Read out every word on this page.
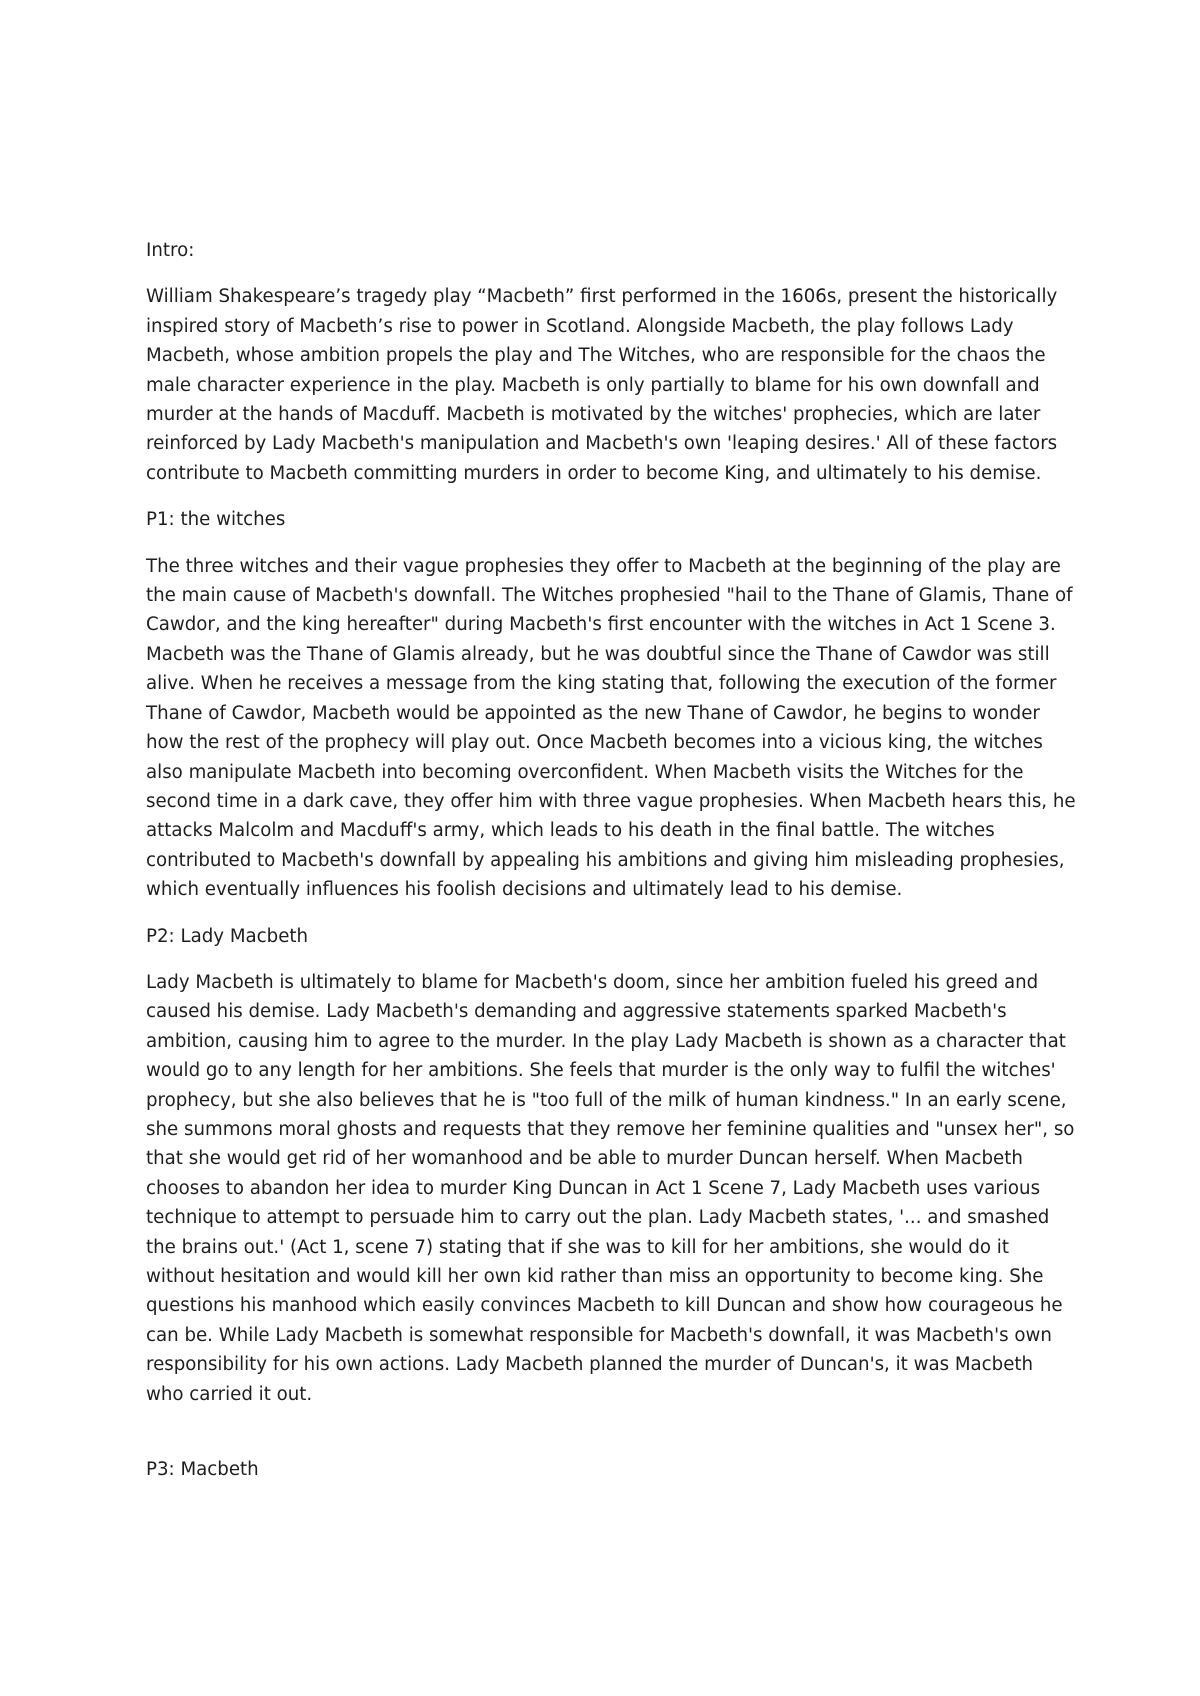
Intro:

William Shakespeare’s tragedy play “Macbeth” first performed in the 1606s, present the historically inspired story of Macbeth’s rise to power in Scotland. Alongside Macbeth, the play follows Lady Macbeth, whose ambition propels the play and The Witches, who are responsible for the chaos the male character experience in the play. Macbeth is only partially to blame for his own downfall and murder at the hands of Macduff. Macbeth is motivated by the witches' prophecies, which are later reinforced by Lady Macbeth's manipulation and Macbeth's own 'leaping desires.' All of these factors contribute to Macbeth committing murders in order to become King, and ultimately to his demise.

P1: the witches

The three witches and their vague prophesies they offer to Macbeth at the beginning of the play are the main cause of Macbeth's downfall. The Witches prophesied "hail to the Thane of Glamis, Thane of Cawdor, and the king hereafter" during Macbeth's first encounter with the witches in Act 1 Scene 3. Macbeth was the Thane of Glamis already, but he was doubtful since the Thane of Cawdor was still alive. When he receives a message from the king stating that, following the execution of the former Thane of Cawdor, Macbeth would be appointed as the new Thane of Cawdor, he begins to wonder how the rest of the prophecy will play out. Once Macbeth becomes into a vicious king, the witches also manipulate Macbeth into becoming overconfident. When Macbeth visits the Witches for the second time in a dark cave, they offer him with three vague prophesies. When Macbeth hears this, he attacks Malcolm and Macduff's army, which leads to his death in the final battle. The witches contributed to Macbeth's downfall by appealing his ambitions and giving him misleading prophesies, which eventually influences his foolish decisions and ultimately lead to his demise.

P2: Lady Macbeth

Lady Macbeth is ultimately to blame for Macbeth's doom, since her ambition fueled his greed and caused his demise. Lady Macbeth's demanding and aggressive statements sparked Macbeth's ambition, causing him to agree to the murder. In the play Lady Macbeth is shown as a character that would go to any length for her ambitions. She feels that murder is the only way to fulfil the witches' prophecy, but she also believes that he is "too full of the milk of human kindness." In an early scene, she summons moral ghosts and requests that they remove her feminine qualities and "unsex her", so that she would get rid of her womanhood and be able to murder Duncan herself. When Macbeth chooses to abandon her idea to murder King Duncan in Act 1 Scene 7, Lady Macbeth uses various technique to attempt to persuade him to carry out the plan. Lady Macbeth states, '... and smashed the brains out.' (Act 1, scene 7) stating that if she was to kill for her ambitions, she would do it without hesitation and would kill her own kid rather than miss an opportunity to become king. She questions his manhood which easily convinces Macbeth to kill Duncan and show how courageous he can be. While Lady Macbeth is somewhat responsible for Macbeth's downfall, it was Macbeth's own responsibility for his own actions. Lady Macbeth planned the murder of Duncan's, it was Macbeth who carried it out.

P3: Macbeth
